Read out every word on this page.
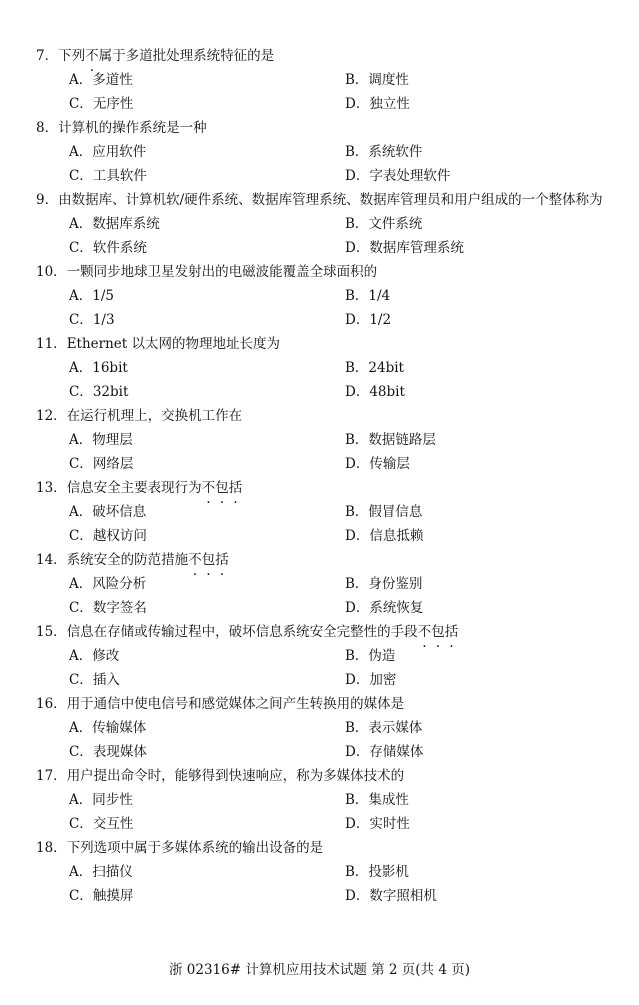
7． 下列不属于多道批处理系统特征的是
A．多道性	B．调度性
C．无序性	D．独立性
8． 计算机的操作系统是一种
A．应用软件	B．系统软件
C．工具软件	D．字表处理软件
9． 由数据库、计算机软/硬件系统、数据库管理系统、数据库管理员和用户组成的一个整体称为
A．数据库系统	B．文件系统
C．软件系统	D．数据库管理系统
10． 一颗同步地球卫星发射出的电磁波能覆盖全球面积的
A．1/5	B．1/4
C．1/3	D．1/2
11． Ethernet 以太网的物理地址长度为
A．16bit	B．24bit
C．32bit	D．48bit
12． 在运行机理上，交换机工作在
A．物理层	B．数据链路层
C．网络层	D．传输层
13． 信息安全主要表现行为不包括
A．破坏信息	B．假冒信息
C．越权访问	D．信息抵赖
14． 系统安全的防范措施不包括
A．风险分析	B．身份鉴别
C．数字签名	D．系统恢复
15． 信息在存储或传输过程中，破坏信息系统安全完整性的手段不包括
A．修改	B．伪造
C．插入	D．加密
16． 用于通信中使电信号和感觉媒体之间产生转换用的媒体是
A．传输媒体	B．表示媒体
C．表现媒体	D．存储媒体
17． 用户提出命令时，能够得到快速响应，称为多媒体技术的
A．同步性	B．集成性
C．交互性	D．实时性
18． 下列选项中属于多媒体系统的输出设备的是
A．扫描仪	B．投影机
C．触摸屏	D．数字照相机
浙 02316# 计算机应用技术试题 第 2 页(共 4 页)
